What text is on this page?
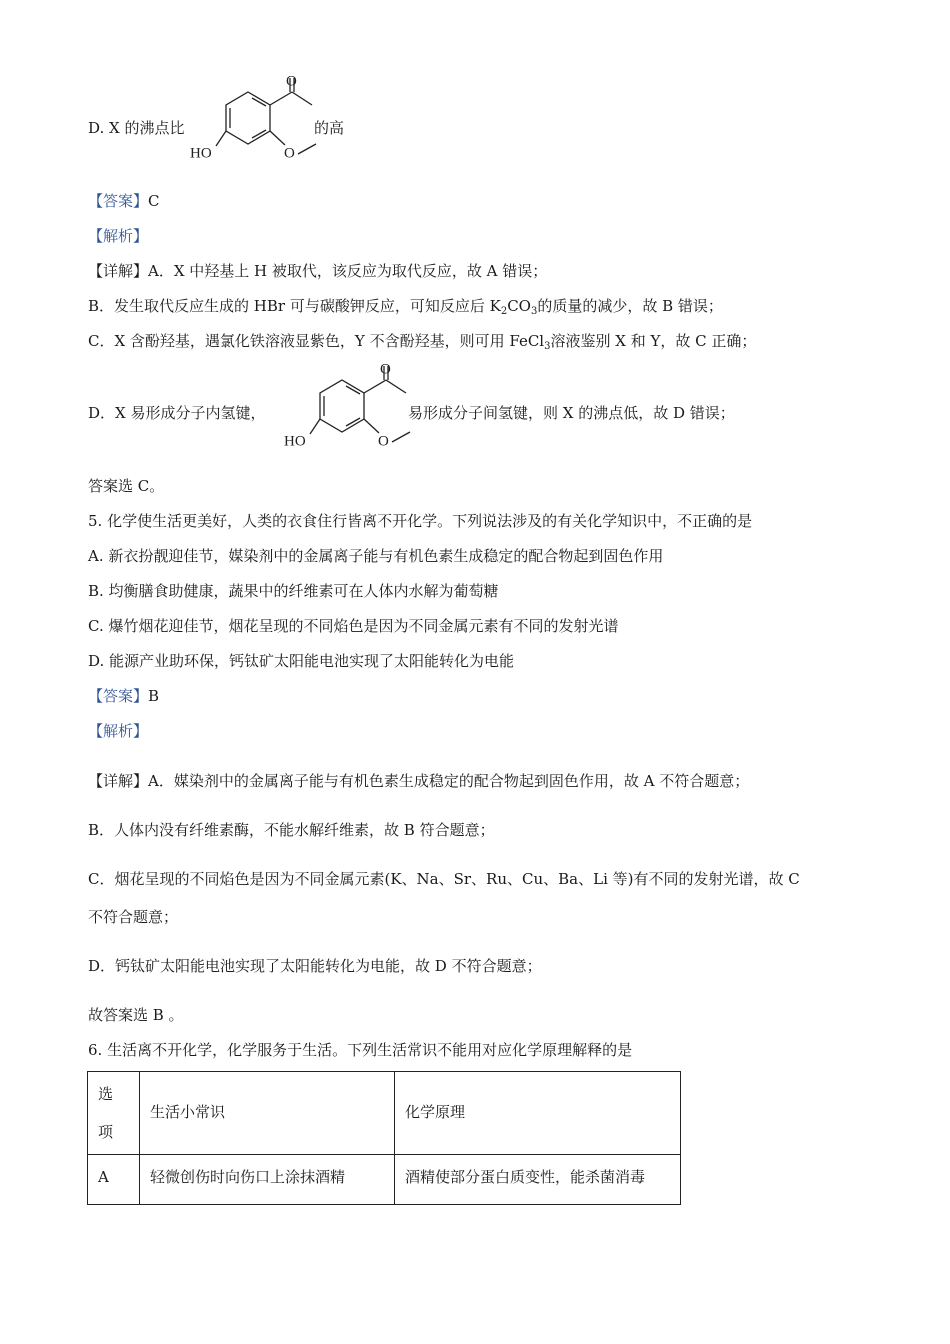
D. X 的沸点比
O
O
HO
的高
【答案】C
【解析】
【详解】A．X 中羟基上 H 被取代，该反应为取代反应，故 A 错误；
B．发生取代反应生成的 HBr 可与碳酸钾反应，可知反应后 $K_2CO_3$的质量的减少，故 B 错误；
C．X 含酚羟基，遇氯化铁溶液显紫色，Y 不含酚羟基，则可用 FeCl$_3$溶液鉴别 X 和 Y，故 C 正确；
D．X 易形成分子内氢键，
O
O
HO
易形成分子间氢键，则 X 的沸点低，故 D 错误；
答案选 C。
5. 化学使生活更美好，人类的衣食住行皆离不开化学。下列说法涉及的有关化学知识中，不正确的是
A. 新衣扮靓迎佳节，媒染剂中的金属离子能与有机色素生成稳定的配合物起到固色作用
B. 均衡膳食助健康，蔬果中的纤维素可在人体内水解为葡萄糖
C. 爆竹烟花迎佳节，烟花呈现的不同焰色是因为不同金属元素有不同的发射光谱
D. 能源产业助环保，钙钛矿太阳能电池实现了太阳能转化为电能
【答案】B
【解析】
【详解】A．媒染剂中的金属离子能与有机色素生成稳定的配合物起到固色作用，故 A 不符合题意；
B．人体内没有纤维素酶，不能水解纤维素，故 B 符合题意；
C．烟花呈现的不同焰色是因为不同金属元素(K、Na、Sr、Ru、Cu、Ba、Li 等)有不同的发射光谱，故 C
不符合题意；
D．钙钛矿太阳能电池实现了太阳能转化为电能，故 D 不符合题意；
故答案选 B 。
6. 生活离不开化学，化学服务于生活。下列生活常识不能用对应化学原理解释的是
选
项	生活小常识	化学原理
A	轻微创伤时向伤口上涂抹酒精	酒精使部分蛋白质变性，能杀菌消毒
